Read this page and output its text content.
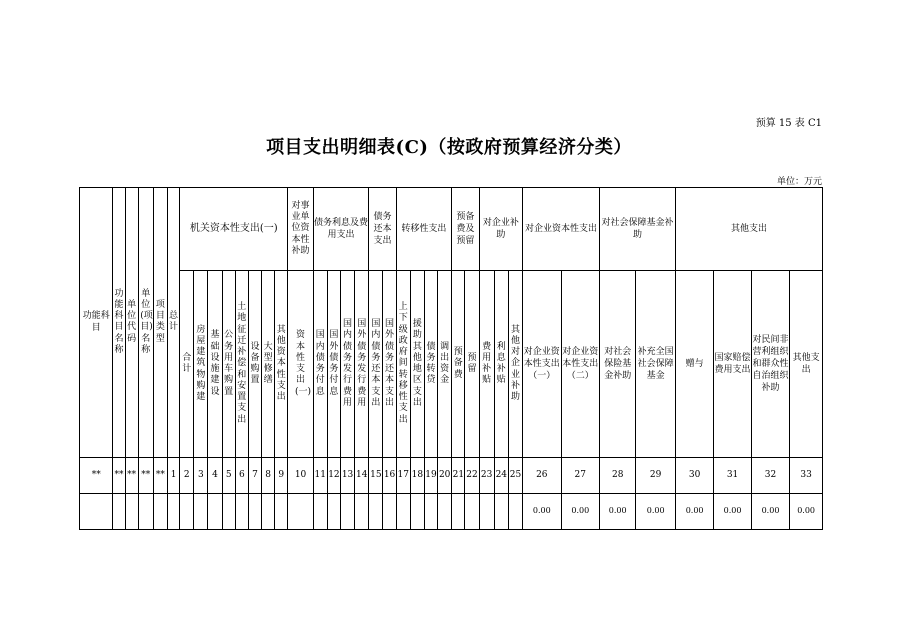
预算 15 表 C1
项目支出明细表(C)（按政府预算经济分类）
单位：万元
功能科目	功能科目名称	单位代码	单位(项目)名称	项目类型	总计	机关资本性支出(一)								对事业单位资本性补助	债务利息及费用支出				债务还本支出		转移性支出				预备费及预留		对企业补助			对企业资本性支出		对社会保障基金补助		其他支出			

						合计	房屋建筑物购建	基础设施建设	公务用车购置	土地征迁补偿和安置支出	设备购置	大型修缮	其他资本性支出	资本性支出(一)	国内债务付息	国外债务付息	国内债务发行费用	国外债务发行费用	国内债务还本支出	国外债务还本支出	上下级政府间转移性支出	援助其他地区支出	债务转贷	调出资金	预备费	预留	费用补贴	利息补贴	其他对企业补助	对企业资本性支出（一）	对企业资本性支出（二）	对社会保险基金补助	补充全国社会保障基金	赠与	国家赔偿费用支出	对民间非营利组织和群众性自治组织补助	其他支出
**	**	**	**	**	1	2	3	4	5	6	7	8	9	10	11	12	13	14	15	16	17	18	19	20	21	22	23	24	25	26	27	28	29	30	31	32	33
																														0.00	0.00	0.00	0.00	0.00	0.00	0.00	0.00
